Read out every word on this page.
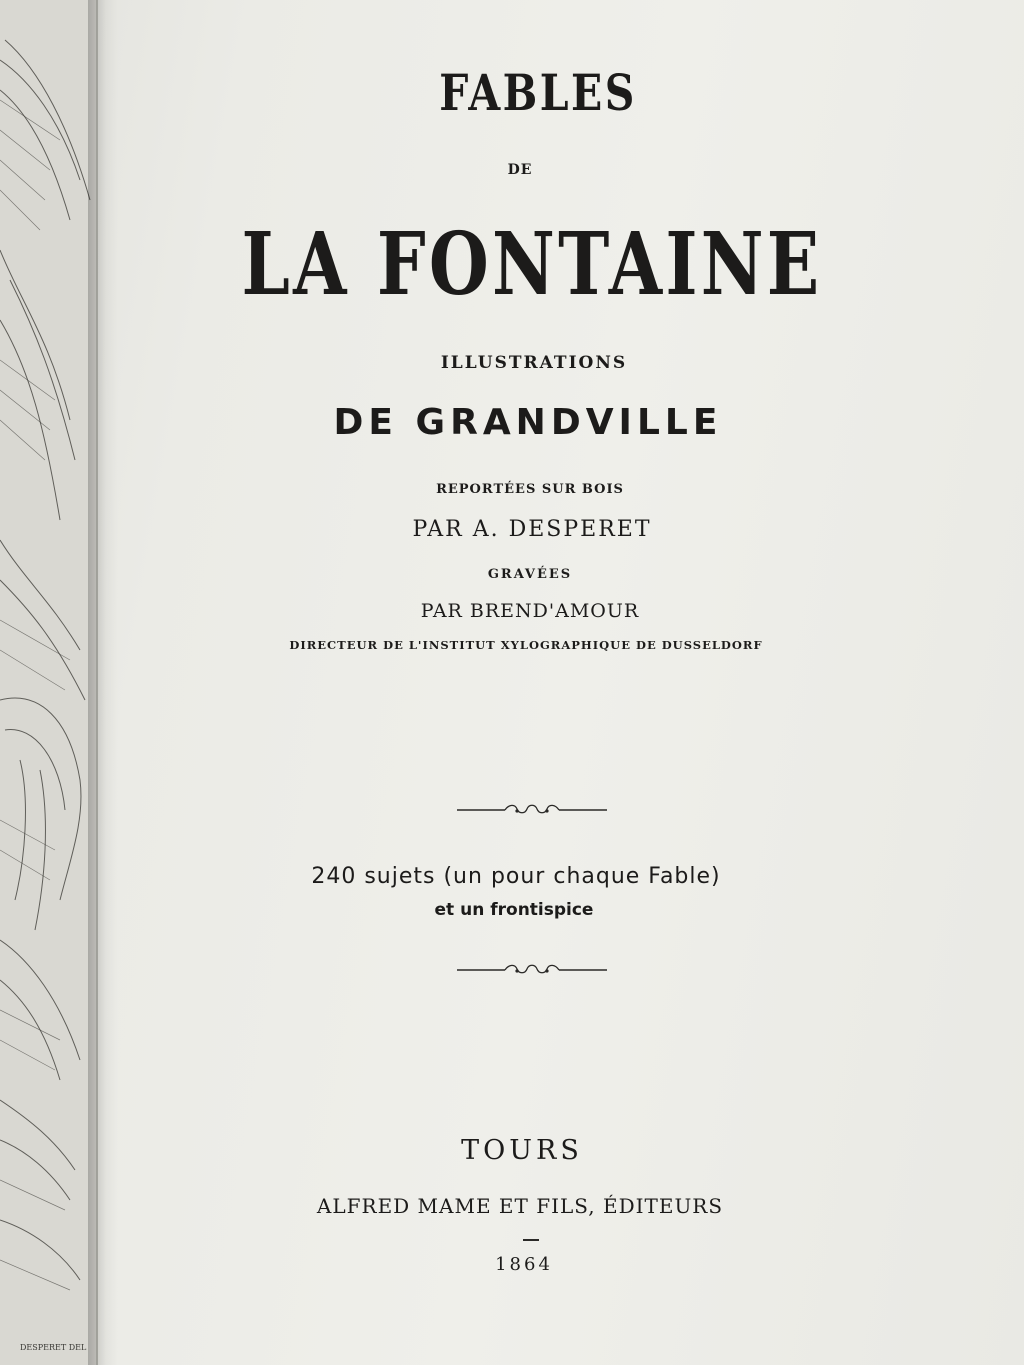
DESPERET DEL
FABLES
DE
LA FONTAINE
ILLUSTRATIONS
DE GRANDVILLE
REPORTÉES SUR BOIS
PAR A. DESPERET
GRAVÉES
PAR BREND'AMOUR
DIRECTEUR DE L'INSTITUT XYLOGRAPHIQUE DE DUSSELDORF
240 sujets (un pour chaque Fable)
et un frontispice
TOURS
ALFRED MAME ET FILS, ÉDITEURS
1864
